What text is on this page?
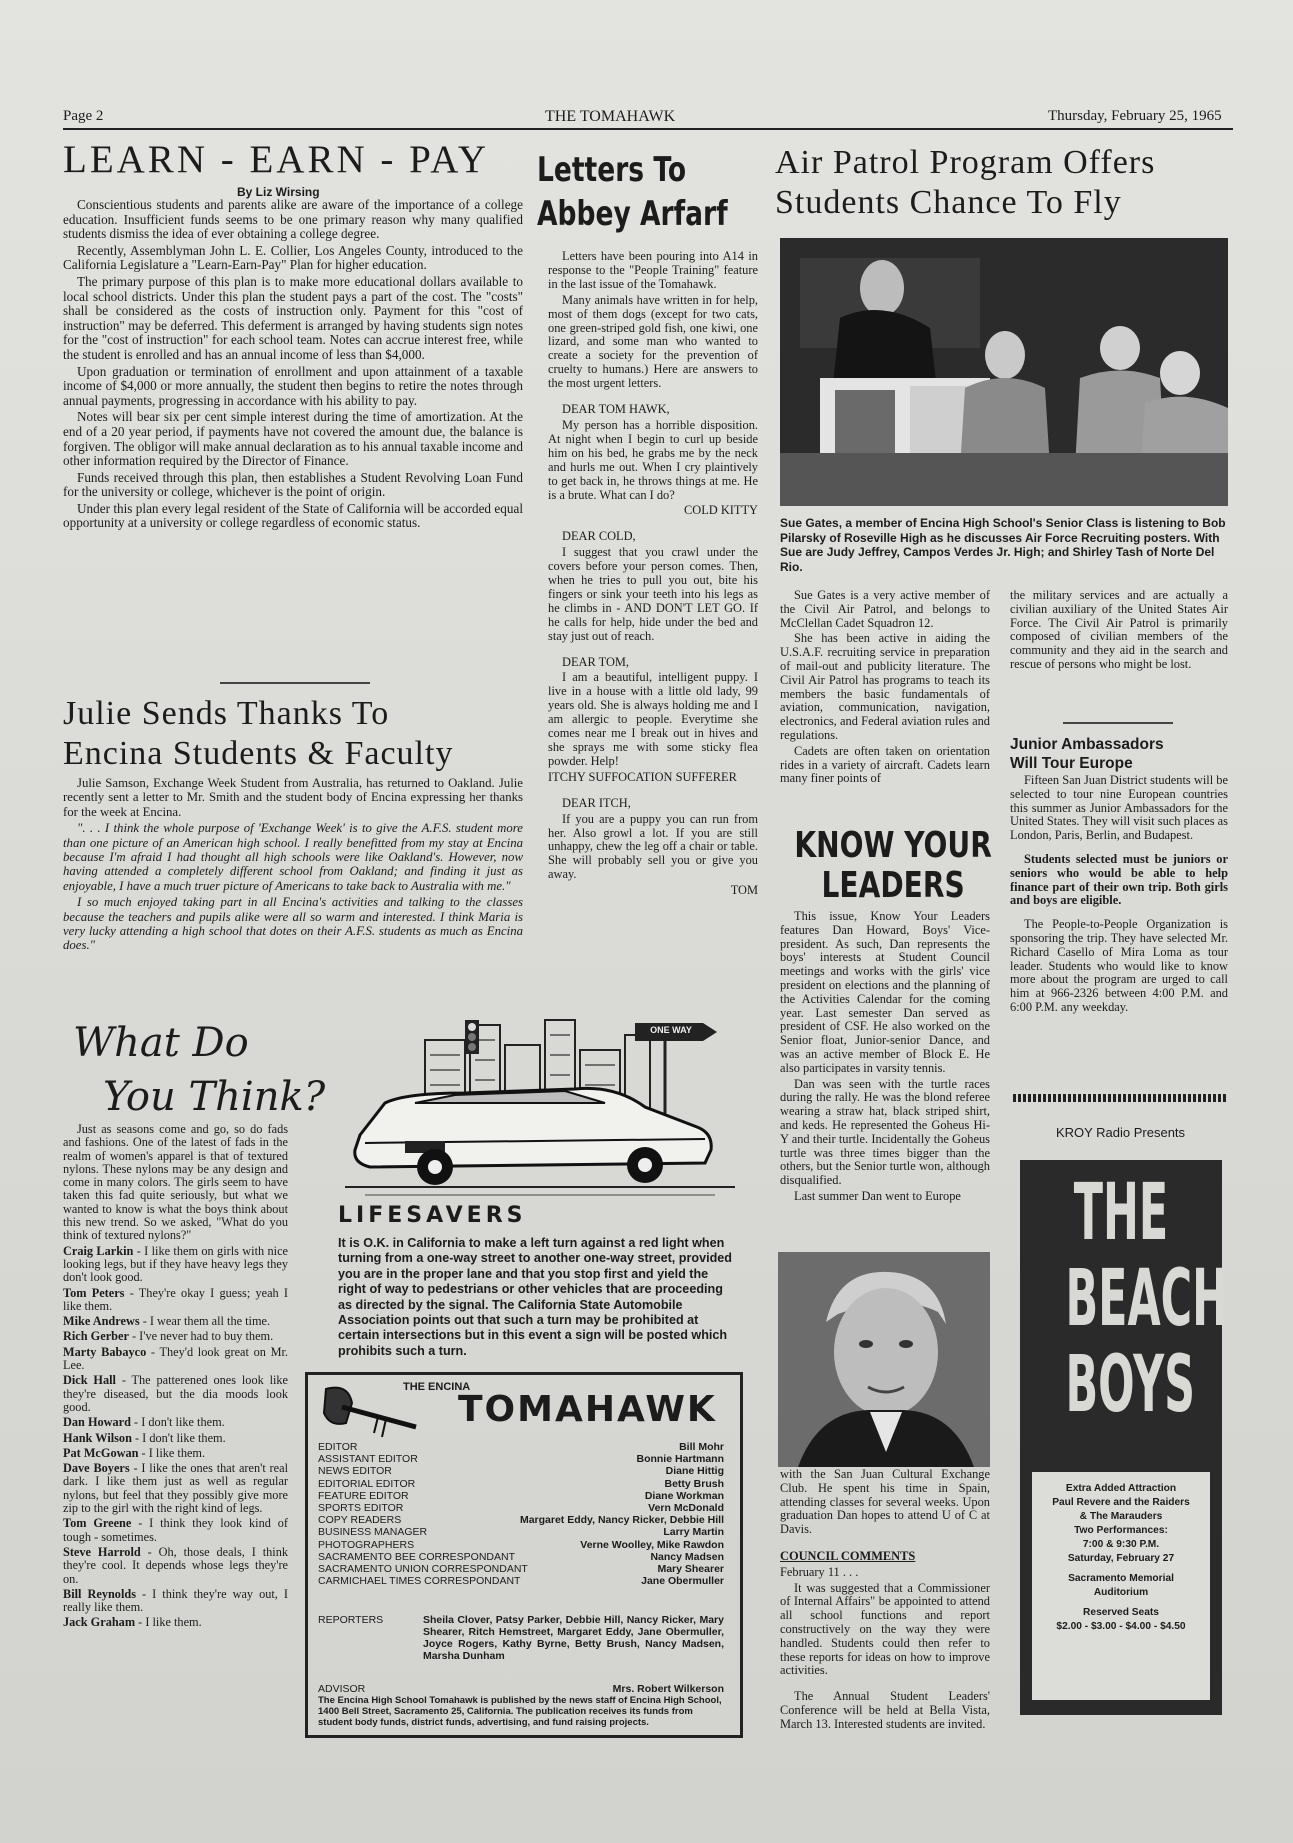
Page 2	THE TOMAHAWK	Thursday, February 25, 1965
LEARN - EARN - PAY
By Liz Wirsing

Conscientious students and parents alike are aware of the importance of a college education. Insufficient funds seems to be one primary reason why many qualified students dismiss the idea of ever obtaining a college degree.

Recently, Assemblyman John L. E. Collier, Los Angeles County, introduced to the California Legislature a "Learn-Earn-Pay" Plan for higher education.

The primary purpose of this plan is to make more educational dollars available to local school districts. Under this plan the student pays a part of the cost. The "costs" shall be considered as the costs of instruction only. Payment for this "cost of instruction" may be deferred. This deferment is arranged by having students sign notes for the "cost of instruction" for each school team. Notes can accrue interest free, while the student is enrolled and has an annual income of less than $4,000.

Upon graduation or termination of enrollment and upon attainment of a taxable income of $4,000 or more annually, the student then begins to retire the notes through annual payments, progressing in accordance with his ability to pay.

Notes will bear six per cent simple interest during the time of amortization. At the end of a 20 year period, if payments have not covered the amount due, the balance is forgiven. The obligor will make annual declaration as to his annual taxable income and other information required by the Director of Finance.

Funds received through this plan, then establishes a Student Revolving Loan Fund for the university or college, whichever is the point of origin.

Under this plan every legal resident of the State of California will be accorded equal opportunity at a university or college regardless of economic status.

Julie Sends Thanks To
Encina Students & Faculty

Julie Samson, Exchange Week Student from Australia, has returned to Oakland. Julie recently sent a letter to Mr. Smith and the student body of Encina expressing her thanks for the week at Encina.

". . . I think the whole purpose of 'Exchange Week' is to give the A.F.S. student more than one picture of an American high school. I really benefitted from my stay at Encina because I'm afraid I had thought all high schools were like Oakland's. However, now having attended a completely different school from Oakland; and finding it just as enjoyable, I have a much truer picture of Americans to take back to Australia with me."

I so much enjoyed taking part in all Encina's activities and talking to the classes because the teachers and pupils alike were all so warm and interested. I think Maria is very lucky attending a high school that dotes on their A.F.S. students as much as Encina does."

What Do
You Think?

Just as seasons come and go, so do fads and fashions. One of the latest of fads in the realm of women's apparel is that of textured nylons. These nylons may be any design and come in many colors. The girls seem to have taken this fad quite seriously, but what we wanted to know is what the boys think about this new trend. So we asked, "What do you think of textured nylons?"

Craig Larkin - I like them on girls with nice looking legs, but if they have heavy legs they don't look good.

Tom Peters - They're okay I guess; yeah I like them.

Mike Andrews - I wear them all the time.

Rich Gerber - I've never had to buy them.

Marty Babayco - They'd look great on Mr. Lee.

Dick Hall - The patterened ones look like they're diseased, but the dia moods look good.

Dan Howard - I don't like them.

Hank Wilson - I don't like them.

Pat McGowan - I like them.

Dave Boyers - I like the ones that aren't real dark. I like them just as well as regular nylons, but feel that they possibly give more zip to the girl with the right kind of legs.

Tom Greene - I think they look kind of tough - sometimes.

Steve Harrold - Oh, those deals, I think they're cool. It depends whose legs they're on.

Bill Reynolds - I think they're way out, I really like them.

Jack Graham - I like them.

Letters To
Abbey Arfarf

Letters have been pouring into A14 in response to the "People Training" feature in the last issue of the Tomahawk.

Many animals have written in for help, most of them dogs (except for two cats, one green-striped gold fish, one kiwi, one lizard, and some man who wanted to create a society for the prevention of cruelty to humans.) Here are answers to the most urgent letters.

DEAR TOM HAWK,

My person has a horrible disposition. At night when I begin to curl up beside him on his bed, he grabs me by the neck and hurls me out. When I cry plaintively to get back in, he throws things at me. He is a brute. What can I do?

COLD KITTY

DEAR COLD,

I suggest that you crawl under the covers before your person comes. Then, when he tries to pull you out, bite his fingers or sink your teeth into his legs as he climbs in - AND DON'T LET GO. If he calls for help, hide under the bed and stay just out of reach.

DEAR TOM,

I am a beautiful, intelligent puppy. I live in a house with a little old lady, 99 years old. She is always holding me and I am allergic to people. Everytime she comes near me I break out in hives and she sprays me with some sticky flea powder. Help!

ITCHY SUFFOCATION SUFFERER

DEAR ITCH,

If you are a puppy you can run from her. Also growl a lot. If you are still unhappy, chew the leg off a chair or table. She will probably sell you or give you away.

TOM

ONE WAY
LIFESAVERS
It is O.K. in California to make a left turn against a red light when turning from a one-way street to another one-way street, provided you are in the proper lane and that you stop first and yield the right of way to pedestrians or other vehicles that are proceeding as directed by the signal. The California State Automobile Association points out that such a turn may be prohibited at certain intersections but in this event a sign will be posted which prohibits such a turn.
THE ENCINA
TOMAHAWK
EDITOR	Bill Mohr
ASSISTANT EDITOR	Bonnie Hartmann
NEWS EDITOR	Diane Hittig
EDITORIAL EDITOR	Betty Brush
FEATURE EDITOR	Diane Workman
SPORTS EDITOR	Vern McDonald
COPY READERS	Margaret Eddy, Nancy Ricker, Debbie Hill
BUSINESS MANAGER	Larry Martin
PHOTOGRAPHERS	Verne Woolley, Mike Rawdon
SACRAMENTO BEE CORRESPONDANT	Nancy Madsen
SACRAMENTO UNION CORRESPONDANT	Mary Shearer
CARMICHAEL TIMES CORRESPONDANT	Jane Obermuller
REPORTERS	Sheila Clover, Patsy Parker, Debbie Hill, Nancy Ricker, Mary Shearer, Ritch Hemstreet, Margaret Eddy, Jane Obermuller, Joyce Rogers, Kathy Byrne, Betty Brush, Nancy Madsen, Marsha Dunham
ADVISOR	Mrs. Robert Wilkerson
The Encina High School Tomahawk is published by the news staff of Encina High School, 1400 Bell Street, Sacramento 25, California. The publication receives its funds from student body funds, district funds, advertising, and fund raising projects.
Air Patrol Program Offers
Students Chance To Fly
Sue Gates, a member of Encina High School's Senior Class is listening to Bob Pilarsky of Roseville High as he discusses Air Force Recruiting posters. With Sue are Judy Jeffrey, Campos Verdes Jr. High; and Shirley Tash of Norte Del Rio.

Sue Gates is a very active member of the Civil Air Patrol, and belongs to McClellan Cadet Squadron 12.

She has been active in aiding the U.S.A.F. recruiting service in preparation of mail-out and publicity literature. The Civil Air Patrol has programs to teach its members the basic fundamentals of aviation, communication, navigation, electronics, and Federal aviation rules and regulations.

Cadets are often taken on orientation rides in a variety of aircraft. Cadets learn many finer points of

the military services and are actually a civilian auxiliary of the United States Air Force. The Civil Air Patrol is primarily composed of civilian members of the community and they aid in the search and rescue of persons who might be lost.

KNOW YOUR
LEADERS

This issue, Know Your Leaders features Dan Howard, Boys' Vice-president. As such, Dan represents the boys' interests at Student Council meetings and works with the girls' vice president on elections and the planning of the Activities Calendar for the coming year. Last semester Dan served as president of CSF. He also worked on the Senior float, Junior-senior Dance, and was an active member of Block E. He also participates in varsity tennis.

Dan was seen with the turtle races during the rally. He was the blond referee wearing a straw hat, black striped shirt, and keds. He represented the Goheus Hi-Y and their turtle. Incidentally the Goheus turtle was three times bigger than the others, but the Senior turtle won, although disqualified.

Last summer Dan went to Europe

with the San Juan Cultural Exchange Club. He spent his time in Spain, attending classes for several weeks. Upon graduation Dan hopes to attend U of C at Davis.

COUNCIL COMMENTS

February 11 . . .

It was suggested that a Commissioner of Internal Affairs" be appointed to attend all school functions and report constructively on the way they were handled. Students could then refer to these reports for ideas on how to improve activities.

The Annual Student Leaders' Conference will be held at Bella Vista, March 13. Interested students are invited.

Junior Ambassadors
Will Tour Europe

Fifteen San Juan District students will be selected to tour nine European countries this summer as Junior Ambassadors for the United States. They will visit such places as London, Paris, Berlin, and Budapest.

Students selected must be juniors or seniors who would be able to help finance part of their own trip. Both girls and boys are eligible.

The People-to-People Organization is sponsoring the trip. They have selected Mr. Richard Casello of Mira Loma as tour leader. Students who would like to know more about the program are urged to call him at 966-2326 between 4:00 P.M. and 6:00 P.M. any weekday.

KROY Radio Presents
THE
BEACH
BOYS
Extra Added Attraction
Paul Revere and the Raiders
& The Marauders
Two Performances:
7:00 & 9:30 P.M.
Saturday, February 27
Sacramento Memorial
Auditorium
Reserved Seats
$2.00 - $3.00 - $4.00 - $4.50
